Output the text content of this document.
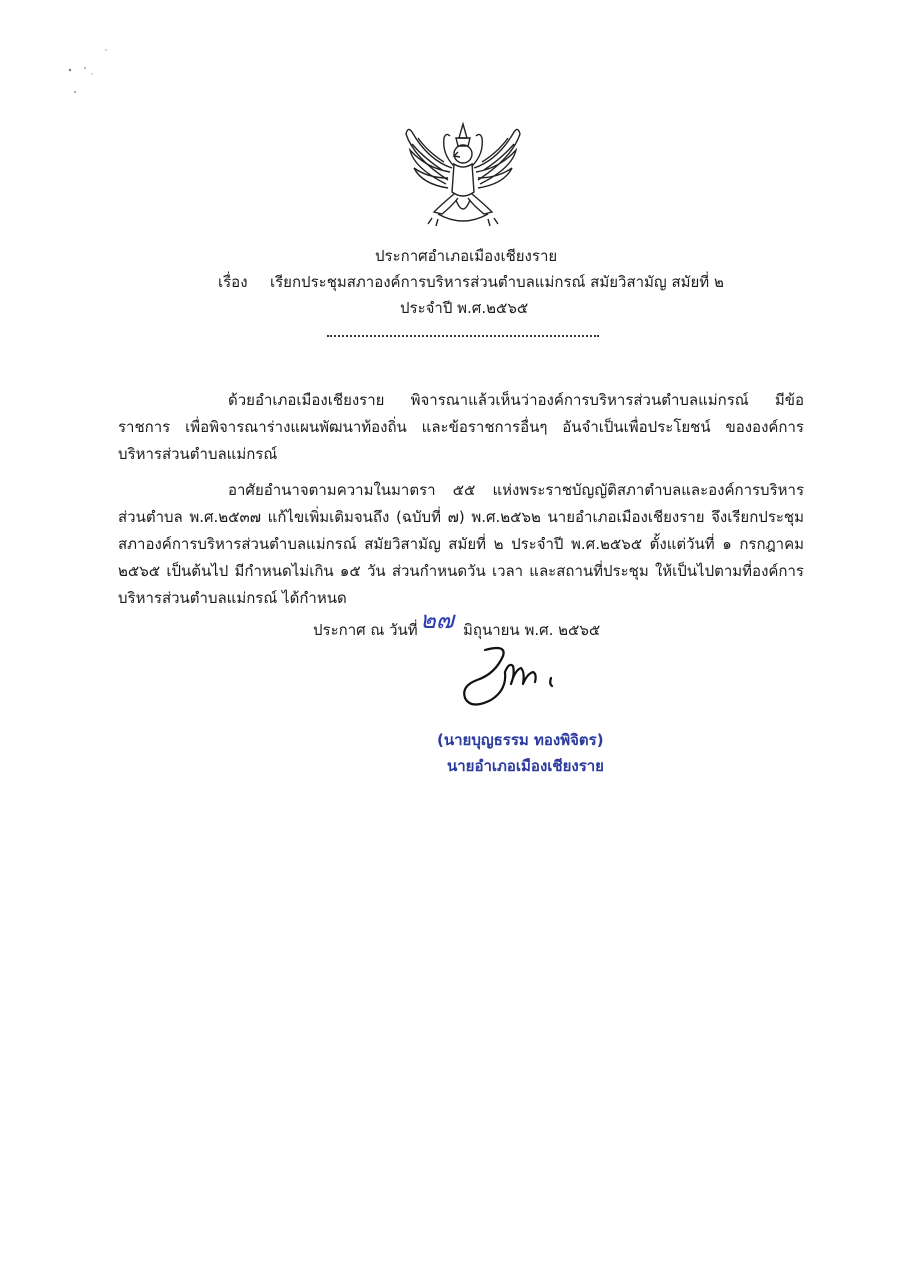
ประกาศอำเภอเมืองเชียงราย
เรื่อง เรียกประชุมสภาองค์การบริหารส่วนตำบลแม่กรณ์ สมัยวิสามัญ สมัยที่ ๒
ประจำปี พ.ศ.๒๕๖๕

ด้วยอำเภอเมืองเชียงราย พิจารณาแล้วเห็นว่าองค์การบริหารส่วนตำบลแม่กรณ์ มีข้อราชการ เพื่อพิจารณาร่างแผนพัฒนาท้องถิ่น และข้อราชการอื่นๆ อันจำเป็นเพื่อประโยชน์ ขององค์การบริหารส่วนตำบลแม่กรณ์

อาศัยอำนาจตามความในมาตรา ๕๕ แห่งพระราชบัญญัติสภาตำบลและองค์การบริหาร ส่วนตำบล พ.ศ.๒๕๓๗ แก้ไขเพิ่มเติมจนถึง (ฉบับที่ ๗) พ.ศ.๒๕๖๒ นายอำเภอเมืองเชียงราย จึงเรียกประชุม สภาองค์การบริหารส่วนตำบลแม่กรณ์ สมัยวิสามัญ สมัยที่ ๒ ประจำปี พ.ศ.๒๕๖๕ ตั้งแต่วันที่ ๑ กรกฎาคม ๒๕๖๕ เป็นต้นไป มีกำหนดไม่เกิน ๑๕ วัน ส่วนกำหนดวัน เวลา และสถานที่ประชุม ให้เป็นไปตามที่องค์การ บริหารส่วนตำบลแม่กรณ์ ได้กำหนด

ประกาศ ณ วันที่ ๒๗ มิถุนายน พ.ศ. ๒๕๖๕
(นายบุญธรรม ทองพิจิตร)
นายอำเภอเมืองเชียงราย
